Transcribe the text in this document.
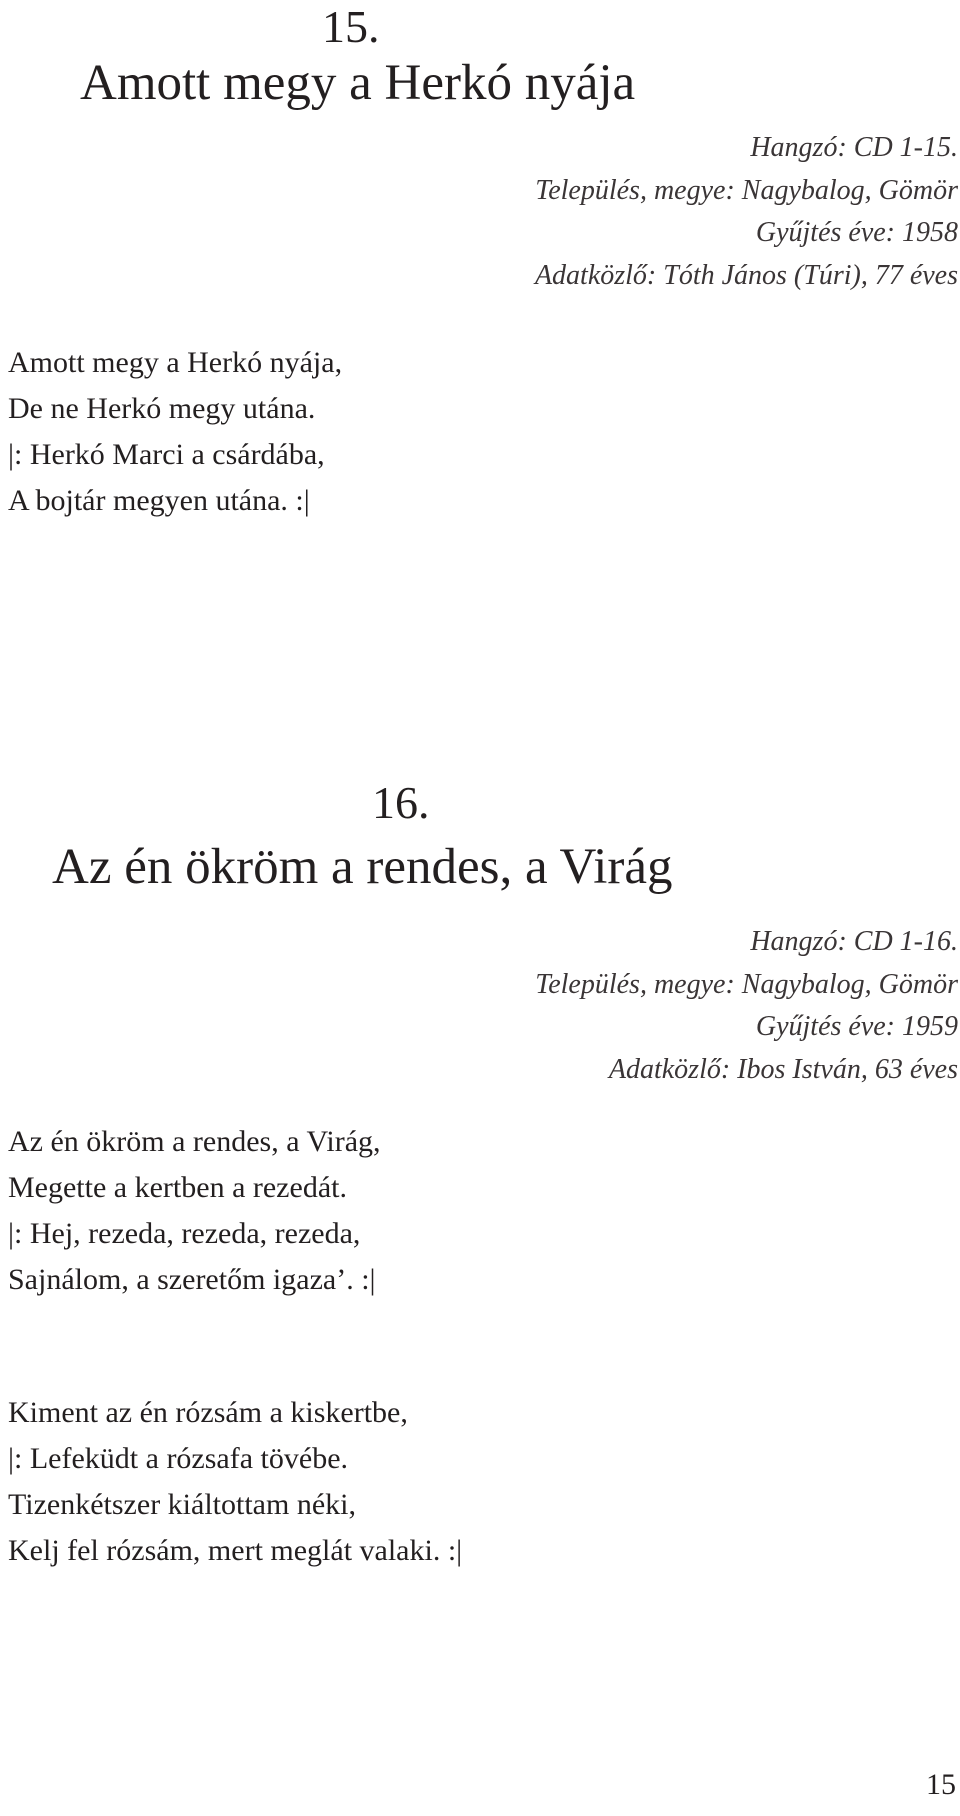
15.
Amott megy a Herkó nyája
Hangzó: CD 1-15.
Település, megye: Nagybalog, Gömör
Gyűjtés éve: 1958
Adatközlő: Tóth János (Túri), 77 éves
Amott megy a Herkó nyája,
De ne Herkó megy utána.
|: Herkó Marci a csárdába,
A bojtár megyen utána. :|
16.
Az én ökröm a rendes, a Virág
Hangzó: CD 1-16.
Település, megye: Nagybalog, Gömör
Gyűjtés éve: 1959
Adatközlő: Ibos István, 63 éves
Az én ökröm a rendes, a Virág,
Megette a kertben a rezedát.
|: Hej, rezeda, rezeda, rezeda,
Sajnálom, a szeretőm igaza’. :|
Kiment az én rózsám a kiskertbe,
|: Lefeküdt a rózsafa tövébe.
Tizenkétszer kiáltottam néki,
Kelj fel rózsám, mert meglát valaki. :|
15
